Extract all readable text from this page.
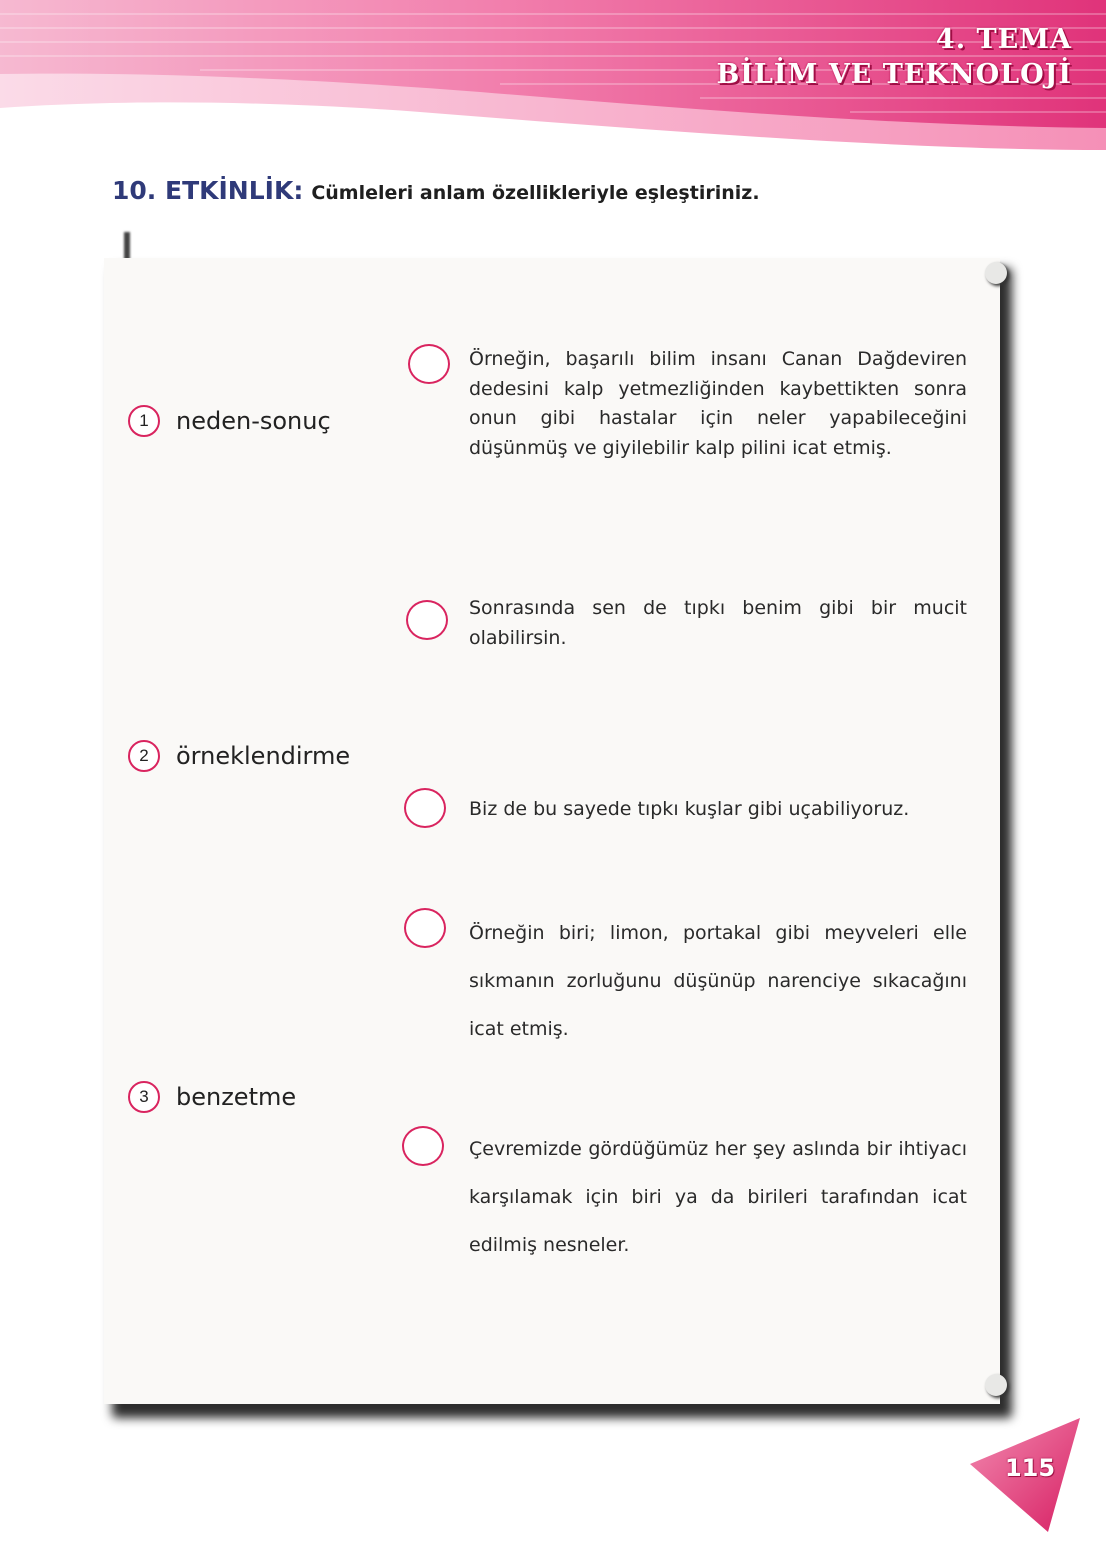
4. TEMA
BİLİM VE TEKNOLOJİ
10. ETKİNLİK: Cümleleri anlam özellikleriyle eşleştiriniz.
1	neden-sonuç
2	örneklendirme
3	benzetme
Örneğin, başarılı bilim insanı Canan Dağdeviren dedesini kalp yetmezliğinden kaybettikten sonra onun gibi hastalar için neler yapabileceğini düşünmüş ve giyilebilir kalp pilini icat etmiş.
Sonrasında sen de tıpkı benim gibi bir mucit olabilirsin.
Biz de bu sayede tıpkı kuşlar gibi uçabiliyoruz.
Örneğin biri; limon, portakal gibi meyveleri elle sıkmanın zorluğunu düşünüp narenciye sıkacağını icat etmiş.
Çevremizde gördüğümüz her şey aslında bir ihtiyacı karşılamak için biri ya da birileri tarafından icat edilmiş nesneler.
115
